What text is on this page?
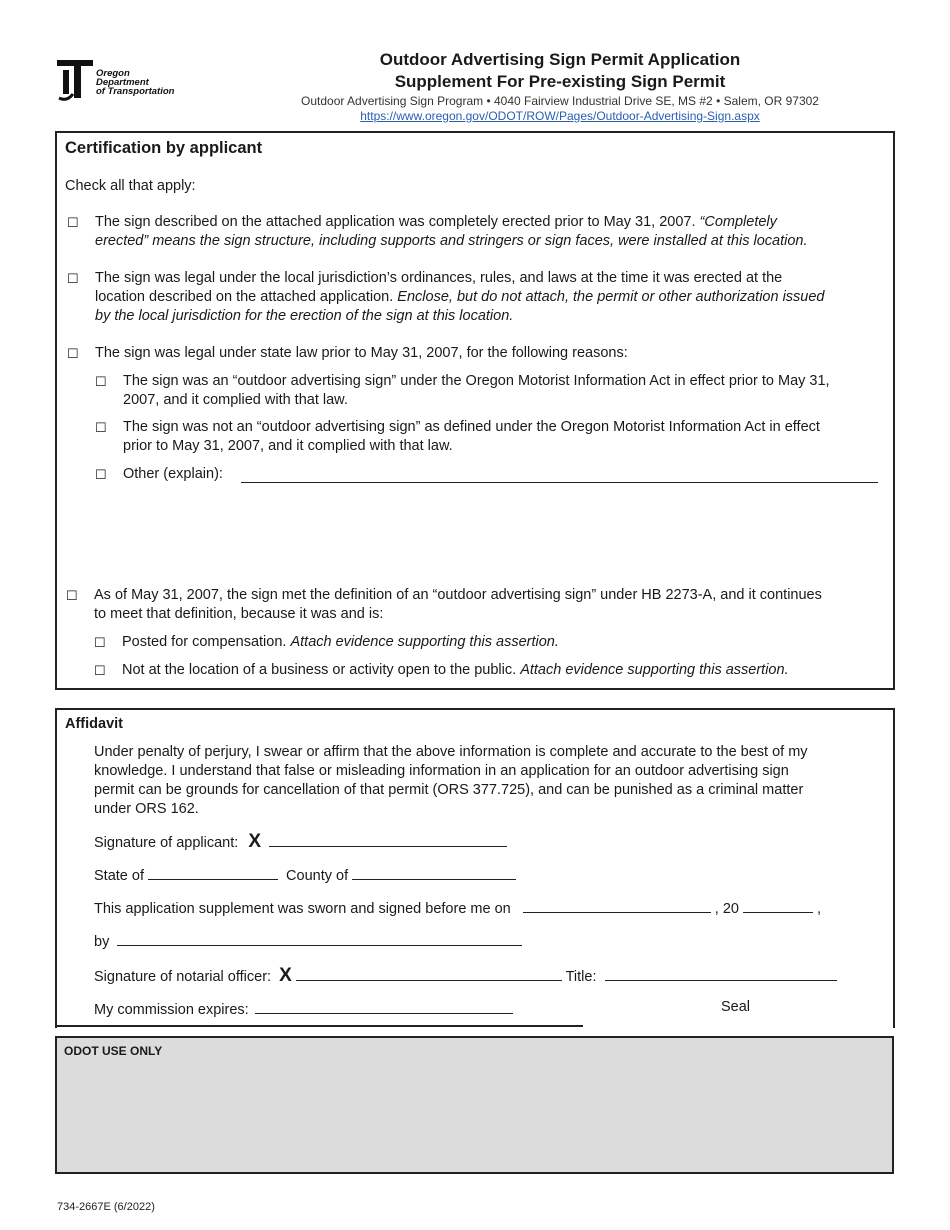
Oregon
Department
of Transportation
Outdoor Advertising Sign Permit Application
Supplement For Pre-existing Sign Permit
Outdoor Advertising Sign Program • 4040 Fairview Industrial Drive SE, MS #2 • Salem, OR 97302
https://www.oregon.gov/ODOT/ROW/Pages/Outdoor-Advertising-Sign.aspx
Certification by applicant
Check all that apply:
☐ The sign described on the attached application was completely erected prior to May 31, 2007. “Completely
erected” means the sign structure, including supports and stringers or sign faces, were installed at this location.
☐ The sign was legal under the local jurisdiction’s ordinances, rules, and laws at the time it was erected at the
location described on the attached application. Enclose, but do not attach, the permit or other authorization issued
by the local jurisdiction for the erection of the sign at this location.
☐ The sign was legal under state law prior to May 31, 2007, for the following reasons:
☐ The sign was an “outdoor advertising sign” under the Oregon Motorist Information Act in effect prior to May 31,
2007, and it complied with that law.
☐ The sign was not an “outdoor advertising sign” as defined under the Oregon Motorist Information Act in effect
prior to May 31, 2007, and it complied with that law.
☐ Other (explain):
☐ As of May 31, 2007, the sign met the definition of an “outdoor advertising sign” under HB 2273-A, and it continues
to meet that definition, because it was and is:
☐ Posted for compensation. Attach evidence supporting this assertion.
☐ Not at the location of a business or activity open to the public. Attach evidence supporting this assertion.
Affidavit
Under penalty of perjury, I swear or affirm that the above information is complete and accurate to the best of my
knowledge. I understand that false or misleading information in an application for an outdoor advertising sign
permit can be grounds for cancellation of that permit (ORS 377.725), and can be punished as a criminal matter
under ORS 162.
Signature of applicant: X
State of	County of
This application supplement was sworn and signed before me on	, 20	,
by
Signature of notarial officer: X	Title:
My commission expires:	Seal
ODOT USE ONLY
734-2667E (6/2022)
